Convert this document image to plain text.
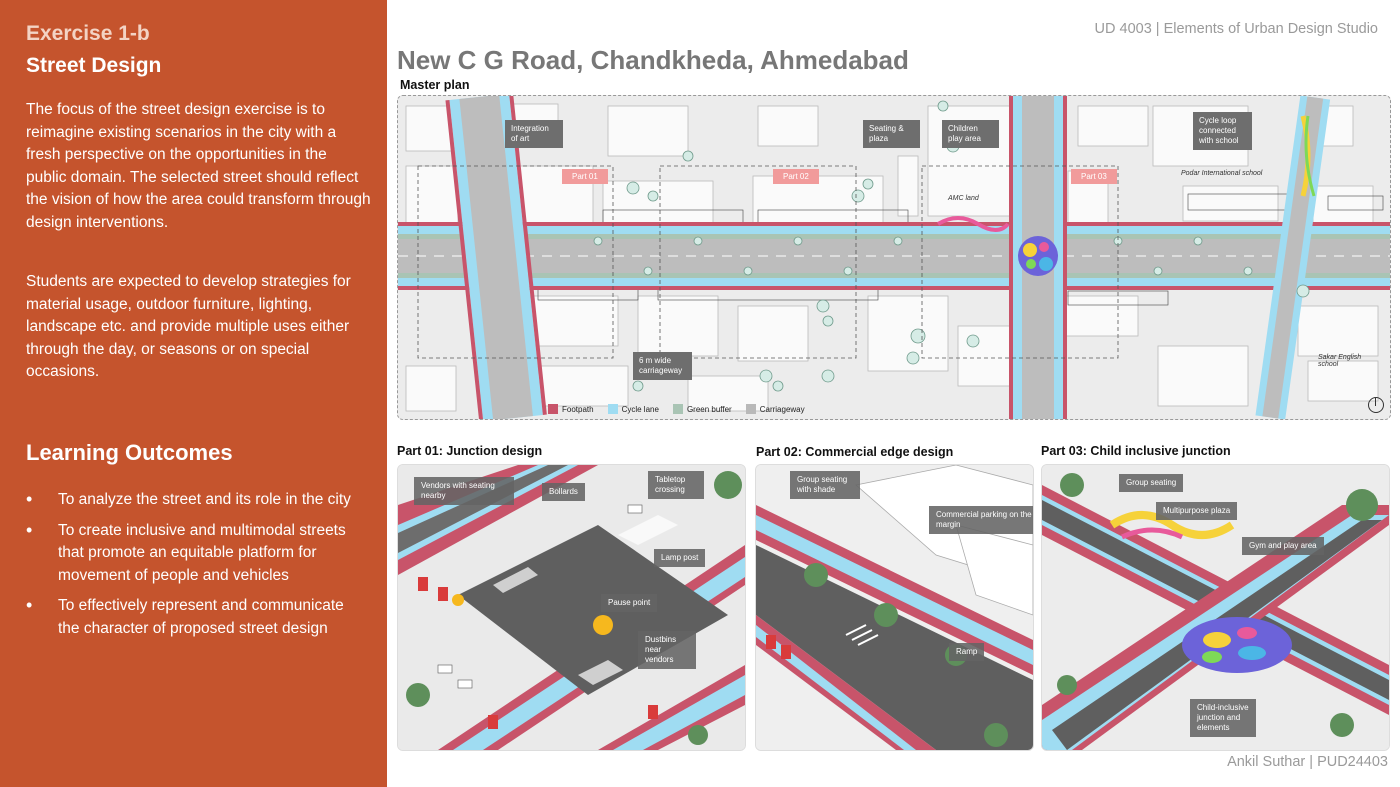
Exercise 1-b
Street Design
The focus of the street design exercise is to reimagine existing scenarios in the city with a fresh perspective on the opportunities in the public domain. The selected street should reflect the vision of how the area could transform through design interventions.
Students are expected to develop strategies for material usage, outdoor furniture, lighting, landscape etc. and provide multiple uses either through the day, or seasons or on special occasions.
Learning Outcomes
• To analyze the street and its role in the city
• To create inclusive and multimodal streets that promote an equitable platform for movement of people and vehicles
• To effectively represent and communicate the character of proposed street design
UD 4003 | Elements of Urban Design Studio
New C G Road, Chandkheda, Ahmedabad
Master plan
Integration of art
Seating & plaza
Children play area
Cycle loop connected with school
6 m wide carriageway
Part 01	Part 02	Part 03
AMC land
Podar International school
Sakar English school
Footpath	Cycle lane	Green buffer	Carriageway
Part 01: Junction design	Part 02: Commercial edge design	Part 03: Child inclusive junction
Vendors with seating nearby	Bollards
Tabletop crossing
Lamp post
Pause point
Dustbins near vendors
Group seating with shade
Commercial parking on the margin
Ramp
Group seating
Multipurpose plaza
Gym and play area
Child-inclusive junction and elements
Ankil Suthar | PUD24403
